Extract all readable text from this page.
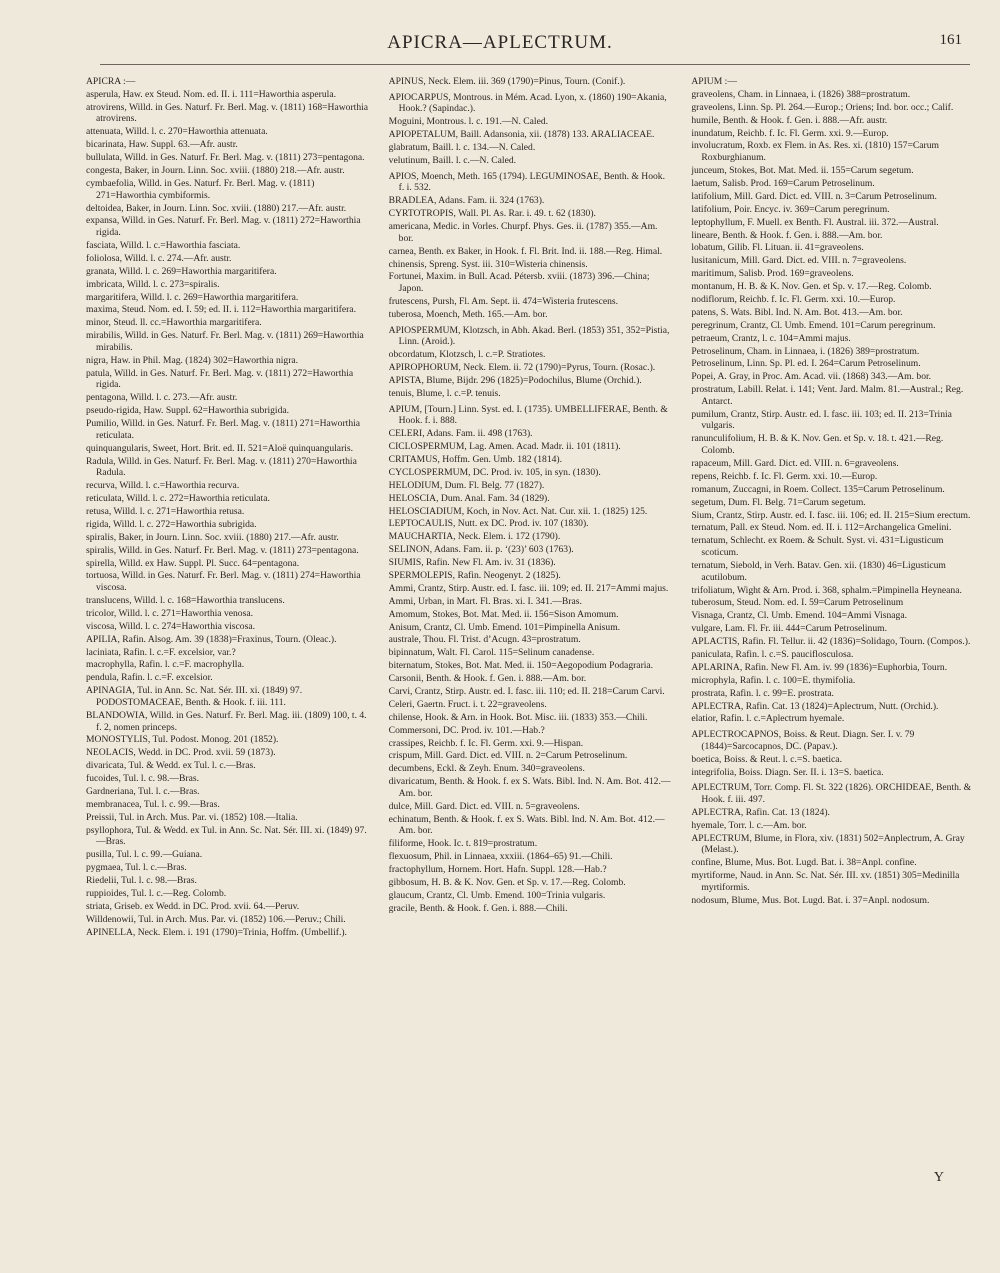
APICRA—APLECTRUM.	161

APICRA :—

asperula, Haw. ex Steud. Nom. ed. II. i. 111=Haworthia asperula.

atrovirens, Willd. in Ges. Naturf. Fr. Berl. Mag. v. (1811) 168=Haworthia atrovirens.

attenuata, Willd. l. c. 270=Haworthia attenuata.

bicarinata, Haw. Suppl. 63.—Afr. austr.

bullulata, Willd. in Ges. Naturf. Fr. Berl. Mag. v. (1811) 273=pentagona.

congesta, Baker, in Journ. Linn. Soc. xviii. (1880) 218.—Afr. austr.

cymbaefolia, Willd. in Ges. Naturf. Fr. Berl. Mag. v. (1811) 271=Haworthia cymbiformis.

deltoidea, Baker, in Journ. Linn. Soc. xviii. (1880) 217.—Afr. austr.

expansa, Willd. in Ges. Naturf. Fr. Berl. Mag. v. (1811) 272=Haworthia rigida.

fasciata, Willd. l. c.=Haworthia fasciata.

foliolosa, Willd. l. c. 274.—Afr. austr.

granata, Willd. l. c. 269=Haworthia margaritifera.

imbricata, Willd. l. c. 273=spiralis.

margaritifera, Willd. l. c. 269=Haworthia margaritifera.

maxima, Steud. Nom. ed. I. 59; ed. II. i. 112=Haworthia margaritifera.

minor, Steud. ll. cc.=Haworthia margaritifera.

mirabilis, Willd. in Ges. Naturf. Fr. Berl. Mag. v. (1811) 269=Haworthia mirabilis.

nigra, Haw. in Phil. Mag. (1824) 302=Haworthia nigra.

patula, Willd. in Ges. Naturf. Fr. Berl. Mag. v. (1811) 272=Haworthia rigida.

pentagona, Willd. l. c. 273.—Afr. austr.

pseudo-rigida, Haw. Suppl. 62=Haworthia subrigida.

Pumilio, Willd. in Ges. Naturf. Fr. Berl. Mag. v. (1811) 271=Haworthia reticulata.

quinquangularis, Sweet, Hort. Brit. ed. II. 521=Aloë quinquangularis.

Radula, Willd. in Ges. Naturf. Fr. Berl. Mag. v. (1811) 270=Haworthia Radula.

recurva, Willd. l. c.=Haworthia recurva.

reticulata, Willd. l. c. 272=Haworthia reticulata.

retusa, Willd. l. c. 271=Haworthia retusa.

rigida, Willd. l. c. 272=Haworthia subrigida.

spiralis, Baker, in Journ. Linn. Soc. xviii. (1880) 217.—Afr. austr.

spiralis, Willd. in Ges. Naturf. Fr. Berl. Mag. v. (1811) 273=pentagona.

spirella, Willd. ex Haw. Suppl. Pl. Succ. 64=pentagona.

tortuosa, Willd. in Ges. Naturf. Fr. Berl. Mag. v. (1811) 274=Haworthia viscosa.

translucens, Willd. l. c. 168=Haworthia translucens.

tricolor, Willd. l. c. 271=Haworthia venosa.

viscosa, Willd. l. c. 274=Haworthia viscosa.

APILIA, Rafin. Alsog. Am. 39 (1838)=Fraxinus, Tourn. (Oleac.).

laciniata, Rafin. l. c.=F. excelsior, var.?

macrophylla, Rafin. l. c.=F. macrophylla.

pendula, Rafin. l. c.=F. excelsior.

APINAGIA, Tul. in Ann. Sc. Nat. Sér. III. xi. (1849) 97. PODOSTOMACEAE, Benth. & Hook. f. iii. 111.

BLANDOWIA, Willd. in Ges. Naturf. Fr. Berl. Mag. iii. (1809) 100, t. 4. f. 2, nomen princeps.

MONOSTYLIS, Tul. Podost. Monog. 201 (1852).

NEOLACIS, Wedd. in DC. Prod. xvii. 59 (1873).

divaricata, Tul. & Wedd. ex Tul. l. c.—Bras.

fucoides, Tul. l. c. 98.—Bras.

Gardneriana, Tul. l. c.—Bras.

membranacea, Tul. l. c. 99.—Bras.

Preissii, Tul. in Arch. Mus. Par. vi. (1852) 108.—Italia.

psyllophora, Tul. & Wedd. ex Tul. in Ann. Sc. Nat. Sér. III. xi. (1849) 97.—Bras.

pusilla, Tul. l. c. 99.—Guiana.

pygmaea, Tul. l. c.—Bras.

Riedelii, Tul. l. c. 98.—Bras.

ruppioides, Tul. l. c.—Reg. Colomb.

striata, Griseb. ex Wedd. in DC. Prod. xvii. 64.—Peruv.

Willdenowii, Tul. in Arch. Mus. Par. vi. (1852) 106.—Peruv.; Chili.

APINELLA, Neck. Elem. i. 191 (1790)=Trinia, Hoffm. (Umbellif.).

APINUS, Neck. Elem. iii. 369 (1790)=Pinus, Tourn. (Conif.).

APIOCARPUS, Montrous. in Mém. Acad. Lyon, x. (1860) 190=Akania, Hook.? (Sapindac.).

Moguini, Montrous. l. c. 191.—N. Caled.

APIOPETALUM, Baill. Adansonia, xii. (1878) 133. ARALIACEAE.

glabratum, Baill. l. c. 134.—N. Caled.

velutinum, Baill. l. c.—N. Caled.

APIOS, Moench, Meth. 165 (1794). LEGUMINOSAE, Benth. & Hook. f. i. 532.

BRADLEA, Adans. Fam. ii. 324 (1763).

CYRTOTROPIS, Wall. Pl. As. Rar. i. 49. t. 62 (1830).

americana, Medic. in Vorles. Churpf. Phys. Ges. ii. (1787) 355.—Am. bor.

carnea, Benth. ex Baker, in Hook. f. Fl. Brit. Ind. ii. 188.—Reg. Himal.

chinensis, Spreng. Syst. iii. 310=Wisteria chinensis.

Fortunei, Maxim. in Bull. Acad. Pétersb. xviii. (1873) 396.—China; Japon.

frutescens, Pursh, Fl. Am. Sept. ii. 474=Wisteria frutescens.

tuberosa, Moench, Meth. 165.—Am. bor.

APIOSPERMUM, Klotzsch, in Abh. Akad. Berl. (1853) 351, 352=Pistia, Linn. (Aroid.).

obcordatum, Klotzsch, l. c.=P. Stratiotes.

APIROPHORUM, Neck. Elem. ii. 72 (1790)=Pyrus, Tourn. (Rosac.).

APISTA, Blume, Bijdr. 296 (1825)=Podochilus, Blume (Orchid.).

tenuis, Blume, l. c.=P. tenuis.

APIUM, [Tourn.] Linn. Syst. ed. I. (1735). UMBELLIFERAE, Benth. & Hook. f. i. 888.

CELERI, Adans. Fam. ii. 498 (1763).

CICLOSPERMUM, Lag. Amen. Acad. Madr. ii. 101 (1811).

CRITAMUS, Hoffm. Gen. Umb. 182 (1814).

CYCLOSPERMUM, DC. Prod. iv. 105, in syn. (1830).

HELODIUM, Dum. Fl. Belg. 77 (1827).

HELOSCIA, Dum. Anal. Fam. 34 (1829).

HELOSCIADIUM, Koch, in Nov. Act. Nat. Cur. xii. 1. (1825) 125.

LEPTOCAULIS, Nutt. ex DC. Prod. iv. 107 (1830).

MAUCHARTIA, Neck. Elem. i. 172 (1790).

SELINON, Adans. Fam. ii. p. ‘(23)’ 603 (1763).

SIUMIS, Rafin. New Fl. Am. iv. 31 (1836).

SPERMOLEPIS, Rafin. Neogenyt. 2 (1825).

Ammi, Crantz, Stirp. Austr. ed. I. fasc. iii. 109; ed. II. 217=Ammi majus.

Ammi, Urban, in Mart. Fl. Bras. xi. I. 341.—Bras.

Amomum, Stokes, Bot. Mat. Med. ii. 156=Sison Amomum.

Anisum, Crantz, Cl. Umb. Emend. 101=Pimpinella Anisum.

australe, Thou. Fl. Trist. d’Acugn. 43=prostratum.

bipinnatum, Walt. Fl. Carol. 115=Selinum canadense.

biternatum, Stokes, Bot. Mat. Med. ii. 150=Aegopodium Podagraria.

Carsonii, Benth. & Hook. f. Gen. i. 888.—Am. bor.

Carvi, Crantz, Stirp. Austr. ed. I. fasc. iii. 110; ed. II. 218=Carum Carvi.

Celeri, Gaertn. Fruct. i. t. 22=graveolens.

chilense, Hook. & Arn. in Hook. Bot. Misc. iii. (1833) 353.—Chili.

Commersoni, DC. Prod. iv. 101.—Hab.?

crassipes, Reichb. f. Ic. Fl. Germ. xxi. 9.—Hispan.

crispum, Mill. Gard. Dict. ed. VIII. n. 2=Carum Petroselinum.

decumbens, Eckl. & Zeyh. Enum. 340=graveolens.

divaricatum, Benth. & Hook. f. ex S. Wats. Bibl. Ind. N. Am. Bot. 412.—Am. bor.

dulce, Mill. Gard. Dict. ed. VIII. n. 5=graveolens.

echinatum, Benth. & Hook. f. ex S. Wats. Bibl. Ind. N. Am. Bot. 412.—Am. bor.

filiforme, Hook. Ic. t. 819=prostratum.

flexuosum, Phil. in Linnaea, xxxiii. (1864–65) 91.—Chili.

fractophyllum, Hornem. Hort. Hafn. Suppl. 128.—Hab.?

gibbosum, H. B. & K. Nov. Gen. et Sp. v. 17.—Reg. Colomb.

glaucum, Crantz, Cl. Umb. Emend. 100=Trinia vulgaris.

gracile, Benth. & Hook. f. Gen. i. 888.—Chili.

APIUM :—

graveolens, Cham. in Linnaea, i. (1826) 388=prostratum.

graveolens, Linn. Sp. Pl. 264.—Europ.; Oriens; Ind. bor. occ.; Calif.

humile, Benth. & Hook. f. Gen. i. 888.—Afr. austr.

inundatum, Reichb. f. Ic. Fl. Germ. xxi. 9.—Europ.

involucratum, Roxb. ex Flem. in As. Res. xi. (1810) 157=Carum Roxburghianum.

junceum, Stokes, Bot. Mat. Med. ii. 155=Carum segetum.

laetum, Salisb. Prod. 169=Carum Petroselinum.

latifolium, Mill. Gard. Dict. ed. VIII. n. 3=Carum Petroselinum.

latifolium, Poir. Encyc. iv. 369=Carum peregrinum.

leptophyllum, F. Muell. ex Benth. Fl. Austral. iii. 372.—Austral.

lineare, Benth. & Hook. f. Gen. i. 888.—Am. bor.

lobatum, Gilib. Fl. Lituan. ii. 41=graveolens.

lusitanicum, Mill. Gard. Dict. ed. VIII. n. 7=graveolens.

maritimum, Salisb. Prod. 169=graveolens.

montanum, H. B. & K. Nov. Gen. et Sp. v. 17.—Reg. Colomb.

nodiflorum, Reichb. f. Ic. Fl. Germ. xxi. 10.—Europ.

patens, S. Wats. Bibl. Ind. N. Am. Bot. 413.—Am. bor.

peregrinum, Crantz, Cl. Umb. Emend. 101=Carum peregrinum.

petraeum, Crantz, l. c. 104=Ammi majus.

Petroselinum, Cham. in Linnaea, i. (1826) 389=prostratum.

Petroselinum, Linn. Sp. Pl. ed. I. 264=Carum Petroselinum.

Popei, A. Gray, in Proc. Am. Acad. vii. (1868) 343.—Am. bor.

prostratum, Labill. Relat. i. 141; Vent. Jard. Malm. 81.—Austral.; Reg. Antarct.

pumilum, Crantz, Stirp. Austr. ed. I. fasc. iii. 103; ed. II. 213=Trinia vulgaris.

ranunculifolium, H. B. & K. Nov. Gen. et Sp. v. 18. t. 421.—Reg. Colomb.

rapaceum, Mill. Gard. Dict. ed. VIII. n. 6=graveolens.

repens, Reichb. f. Ic. Fl. Germ. xxi. 10.—Europ.

romanum, Zuccagni, in Roem. Collect. 135=Carum Petroselinum.

segetum, Dum. Fl. Belg. 71=Carum segetum.

Sium, Crantz, Stirp. Austr. ed. I. fasc. iii. 106; ed. II. 215=Sium erectum.

ternatum, Pall. ex Steud. Nom. ed. II. i. 112=Archangelica Gmelini.

ternatum, Schlecht. ex Roem. & Schult. Syst. vi. 431=Ligusticum scoticum.

ternatum, Siebold, in Verh. Batav. Gen. xii. (1830) 46=Ligusticum acutilobum.

trifoliatum, Wight & Arn. Prod. i. 368, sphalm.=Pimpinella Heyneana.

tuberosum, Steud. Nom. ed. I. 59=Carum Petroselinum

Visnaga, Crantz, Cl. Umb. Emend. 104=Ammi Visnaga.

vulgare, Lam. Fl. Fr. iii. 444=Carum Petroselinum.

APLACTIS, Rafin. Fl. Tellur. ii. 42 (1836)=Solidago, Tourn. (Compos.).

paniculata, Rafin. l. c.=S. pauciflosculosa.

APLARINA, Rafin. New Fl. Am. iv. 99 (1836)=Euphorbia, Tourn.

microphyla, Rafin. l. c. 100=E. thymifolia.

prostrata, Rafin. l. c. 99=E. prostrata.

APLECTRA, Rafin. Cat. 13 (1824)=Aplectrum, Nutt. (Orchid.).

elatior, Rafin. l. c.=Aplectrum hyemale.

APLECTROCAPNOS, Boiss. & Reut. Diagn. Ser. I. v. 79 (1844)=Sarcocapnos, DC. (Papav.).

boetica, Boiss. & Reut. l. c.=S. baetica.

integrifolia, Boiss. Diagn. Ser. II. i. 13=S. baetica.

APLECTRUM, Torr. Comp. Fl. St. 322 (1826). ORCHIDEAE, Benth. & Hook. f. iii. 497.

APLECTRA, Rafin. Cat. 13 (1824).

hyemale, Torr. l. c.—Am. bor.

APLECTRUM, Blume, in Flora, xiv. (1831) 502=Anplectrum, A. Gray (Melast.).

confine, Blume, Mus. Bot. Lugd. Bat. i. 38=Anpl. confine.

myrtiforme, Naud. in Ann. Sc. Nat. Sér. III. xv. (1851) 305=Medinilla myrtiformis.

nodosum, Blume, Mus. Bot. Lugd. Bat. i. 37=Anpl. nodosum.

Y
